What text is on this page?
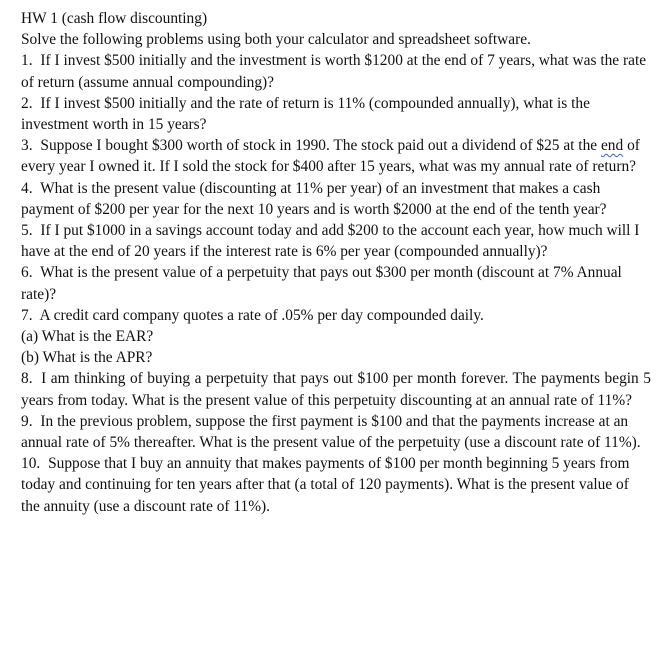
HW 1 (cash flow discounting)

Solve the following problems using both your calculator and spreadsheet software.

1. If I invest $500 initially and the investment is worth $1200 at the end of 7 years, what was the rate of return (assume annual compounding)?

2. If I invest $500 initially and the rate of return is 11% (compounded annually), what is the investment worth in 15 years?

3. Suppose I bought $300 worth of stock in 1990. The stock paid out a dividend of $25 at the end of every year I owned it. If I sold the stock for $400 after 15 years, what was my annual rate of return?

4. What is the present value (discounting at 11% per year) of an investment that makes a cash payment of $200 per year for the next 10 years and is worth $2000 at the end of the tenth year?

5. If I put $1000 in a savings account today and add $200 to the account each year, how much will I have at the end of 20 years if the interest rate is 6% per year (compounded annually)?

6. What is the present value of a perpetuity that pays out $300 per month (discount at 7% Annual rate)?

7. A credit card company quotes a rate of .05% per day compounded daily.

(a) What is the EAR?

(b) What is the APR?

8. I am thinking of buying a perpetuity that pays out $100 per month forever. The payments begin 5 years from today. What is the present value of this perpetuity discounting at an annual rate of 11%?

9. In the previous problem, suppose the first payment is $100 and that the payments increase at an annual rate of 5% thereafter. What is the present value of the perpetuity (use a discount rate of 11%).

10. Suppose that I buy an annuity that makes payments of $100 per month beginning 5 years from today and continuing for ten years after that (a total of 120 payments). What is the present value of the annuity (use a discount rate of 11%).
